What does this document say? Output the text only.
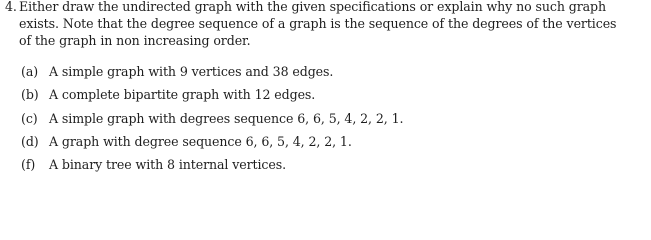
4. Either draw the undirected graph with the given specifications or explain why no such graph
exists. Note that the degree sequence of a graph is the sequence of the degrees of the vertices
of the graph in non increasing order.
(a) A simple graph with 9 vertices and 38 edges.
(b) A complete bipartite graph with 12 edges.
(c) A simple graph with degrees sequence 6, 6, 5, 4, 2, 2, 1.
(d) A graph with degree sequence 6, 6, 5, 4, 2, 2, 1.
(f) A binary tree with 8 internal vertices.
